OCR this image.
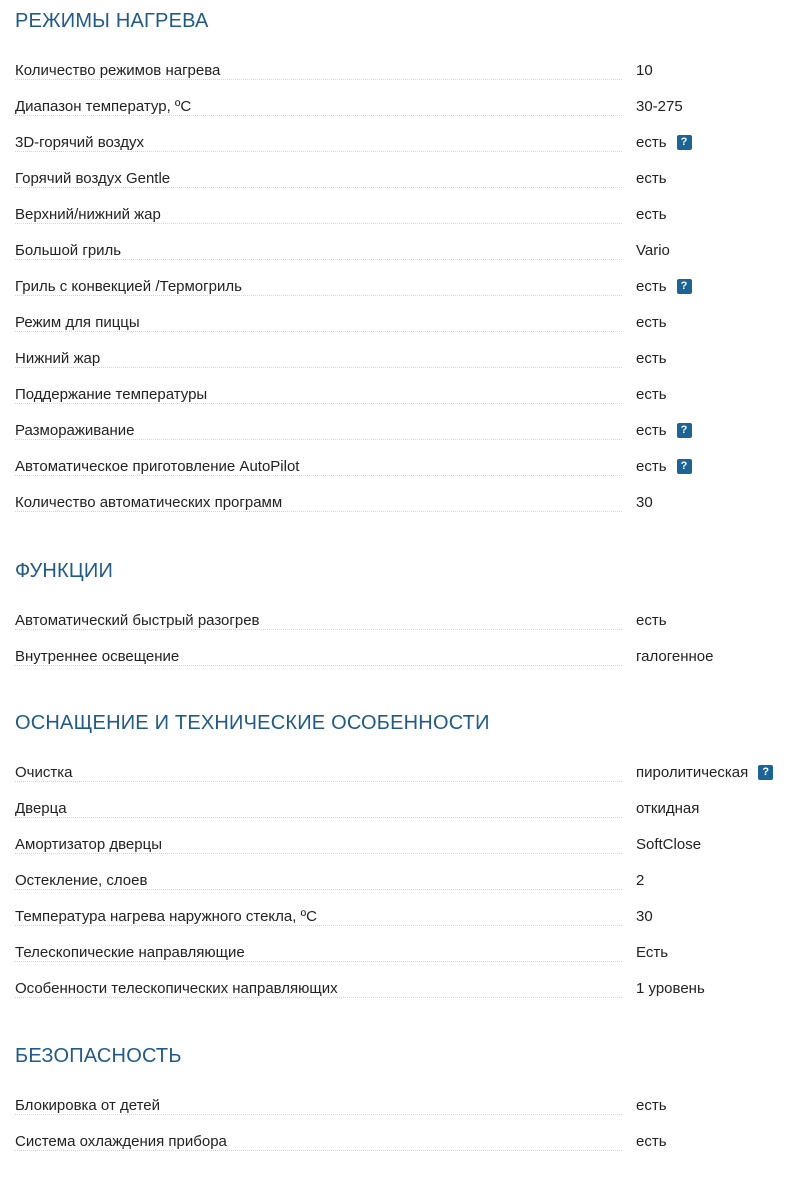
РЕЖИМЫ НАГРЕВА
Количество режимов нагрева	10
Диапазон температур, ºС	30-275
3D-горячий воздух	есть
?
Горячий воздух Gentle	есть
Верхний/нижний жар	есть
Большой гриль	Vario
Гриль с конвекцией /Термогриль	есть
?
Режим для пиццы	есть
Нижний жар	есть
Поддержание температуры	есть
Размораживание	есть
?
Автоматическое приготовление AutoPilot	есть
?
Количество автоматических программ	30
ФУНКЦИИ
Автоматический быстрый разогрев	есть
Внутреннее освещение	галогенное
ОСНАЩЕНИЕ И ТЕХНИЧЕСКИЕ ОСОБЕННОСТИ
Очистка	пиролитическая
?
Дверца	откидная
Амортизатор дверцы	SoftClose
Остекление, слоев	2
Температура нагрева наружного стекла, ºС	30
Телескопические направляющие	Есть
Особенности телескопических направляющих	1 уровень
БЕЗОПАСНОСТЬ
Блокировка от детей	есть
Система охлаждения прибора	есть
